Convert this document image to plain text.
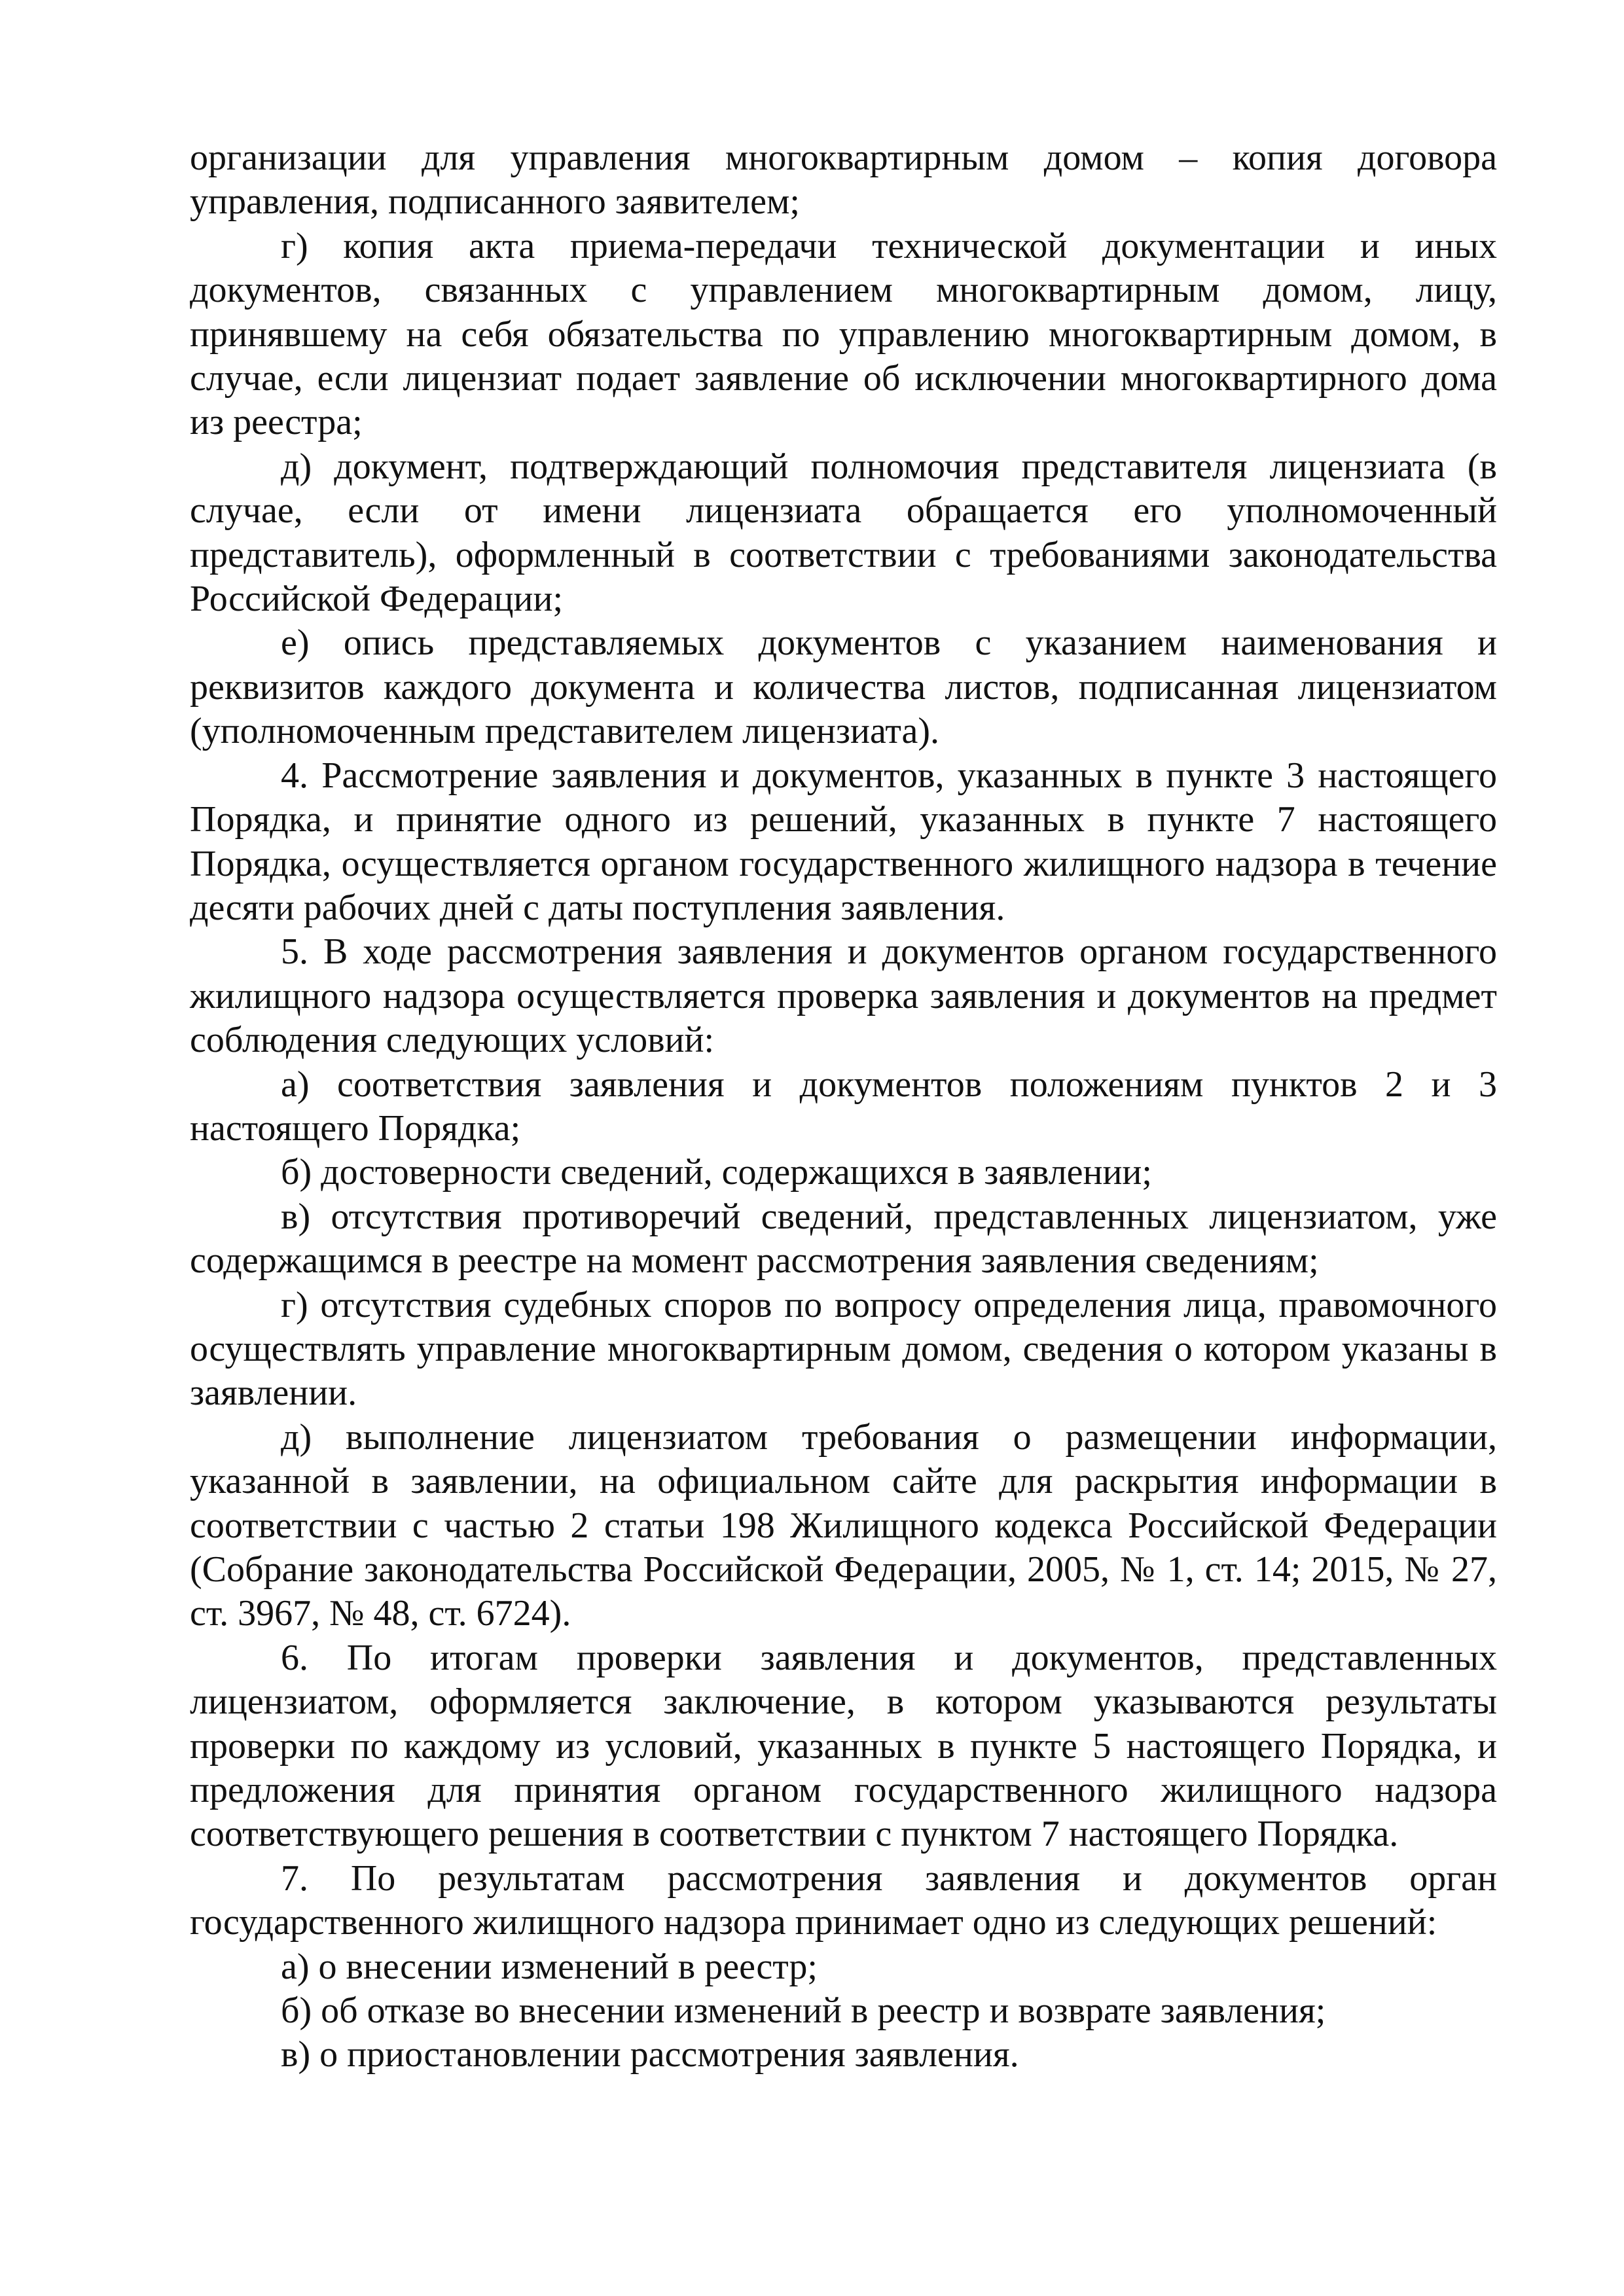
организации для управления многоквартирным домом – копия договора управления, подписанного заявителем;

г) копия акта приема-передачи технической документации и иных документов, связанных с управлением многоквартирным домом, лицу, принявшему на себя обязательства по управлению многоквартирным домом, в случае, если лицензиат подает заявление об исключении многоквартирного дома из реестра;

д) документ, подтверждающий полномочия представителя лицензиата (в случае, если от имени лицензиата обращается его уполномоченный представитель), оформленный в соответствии с требованиями законодательства Российской Федерации;

е) опись представляемых документов с указанием наименования и реквизитов каждого документа и количества листов, подписанная лицензиатом (уполномоченным представителем лицензиата).

4. Рассмотрение заявления и документов, указанных в пункте 3 настоящего Порядка, и принятие одного из решений, указанных в пункте 7 настоящего Порядка, осуществляется органом государственного жилищного надзора в течение десяти рабочих дней с даты поступления заявления.

5. В ходе рассмотрения заявления и документов органом государственного жилищного надзора осуществляется проверка заявления и документов на предмет соблюдения следующих условий:

а) соответствия заявления и документов положениям пунктов 2 и 3 настоящего Порядка;

б) достоверности сведений, содержащихся в заявлении;

в) отсутствия противоречий сведений, представленных лицензиатом, уже содержащимся в реестре на момент рассмотрения заявления сведениям;

г) отсутствия судебных споров по вопросу определения лица, правомочного осуществлять управление многоквартирным домом, сведения о котором указаны в заявлении.

д) выполнение лицензиатом требования о размещении информации, указанной в заявлении, на официальном сайте для раскрытия информации в соответствии с частью 2 статьи 198 Жилищного кодекса Российской Федерации (Собрание законодательства Российской Федерации, 2005, № 1, ст. 14; 2015, № 27, ст. 3967, № 48, ст. 6724).

6. По итогам проверки заявления и документов, представленных лицензиатом, оформляется заключение, в котором указываются результаты проверки по каждому из условий, указанных в пункте 5 настоящего Порядка, и предложения для принятия органом государственного жилищного надзора соответствующего решения в соответствии с пунктом 7 настоящего Порядка.

7. По результатам рассмотрения заявления и документов орган государственного жилищного надзора принимает одно из следующих решений:

а) о внесении изменений в реестр;

б) об отказе во внесении изменений в реестр и возврате заявления;

в) о приостановлении рассмотрения заявления.
